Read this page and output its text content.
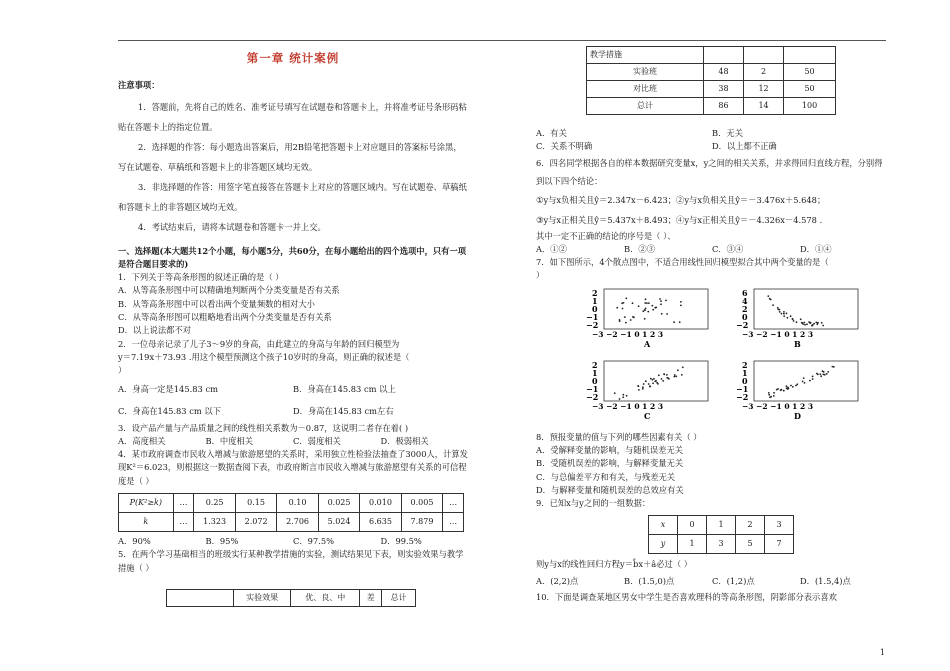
第一章 统计案例
注意事项：

1．答题前，先将自己的姓名、准考证号填写在试题卷和答题卡上，并将准考证号条形码粘贴在答题卡上的指定位置。

2．选择题的作答：每小题选出答案后，用2B铅笔把答题卡上对应题目的答案标号涂黑，写在试题卷、草稿纸和答题卡上的非答题区域均无效。

3．非选择题的作答：用签字笔直接答在答题卡上对应的答题区域内。写在试题卷、草稿纸和答题卡上的非答题区域均无效。

4．考试结束后，请将本试题卷和答题卡一并上交。

一、选择题(本大题共12个小题，每小题5分，共60分，在每小题给出的四个选项中，只有一项是符合题目要求的)

1．下列关于等高条形图的叙述正确的是（ ）

A．从等高条形图中可以精确地判断两个分类变量是否有关系

B．从等高条形图中可以看出两个变量频数的相对大小

C．从等高条形图可以粗略地看出两个分类变量是否有关系

D．以上说法都不对

2．一位母亲记录了儿子3～9岁的身高，由此建立的身高与年龄的回归模型为

y＝7.19x＋73.93 .用这个模型预测这个孩子10岁时的身高，则正确的叙述是（

）

A．身高一定是145.83 cm	B．身高在145.83 cm 以上
C．身高在145.83 cm 以下	D．身高在145.83 cm左右

3．设产品产量与产品质量之间的线性相关系数为－0.87，这说明二者存在着( )

A．高度相关	B．中度相关	C．弱度相关	D．极弱相关

4．某市政府调查市民收入增减与旅游愿望的关系时，采用独立性检验法抽查了3000人，计算发现K²＝6.023，则根据这一数据查阅下表，市政府断言市民收入增减与旅游愿望有关系的可信程度是（ ）

P(K²≥k)	…	0.25	0.15	0.10	0.025	0.010	0.005	…
k	…	1.323	2.072	2.706	5.024	6.635	7.879	…
A．90%	B．95%	C．97.5%	D．99.5%

5．在两个学习基础相当的班级实行某种教学措施的实验，测试结果见下表，则实验效果与教学措施（ ）

	实验效果	优、良、中	差	总计
教学措施			
实验班	48	2	50
对比班	38	12	50
总计	86	14	100
A．有关	B．无关
C．关系不明确	D．以上都不正确

6．四名同学根据各自的样本数据研究变量x，y之间的相关关系，并求得回归直线方程，分别得到以下四个结论：

①y与x负相关且ŷ＝2.347x－6.423；②y与x负相关且ŷ＝－3.476x＋5.648；

③y与x正相关且ŷ＝5.437x＋8.493；④y与x正相关且ŷ＝－4.326x－4.578 .

其中一定不正确的结论的序号是（ ）、

A．①②	B．②③	C．③④	D．①④

7．如下图所示，4个散点图中，不适合用线性回归模型拟合其中两个变量的是（

）

2
1
0
−1
−2
−3 −2 −1 0 1 2 3
A
6
4
2
0
−2
−3 −2 −1 0 1 2 3
B
2
1
0
−1
−2
−3 −2 −1 0 1 2 3
C
2
1
0
−1
−2
−3 −2 −1 0 1 2 3
D

8．预报变量的值与下列的哪些因素有关（ ）

A．受解释变量的影响，与随机误差无关

B．受随机误差的影响，与解释变量无关

C．与总偏差平方和有关，与残差无关

D．与解释变量和随机误差的总效应有关

9．已知x与y之间的一组数据：

x	0	1	2	3
y	1	3	5	7

则y与x的线性回归方程y＝b̂x＋â必过（ ）

A．(2,2)点	B．(1.5,0)点	C．(1,2)点	D．(1.5,4)点

10．下面是调查某地区男女中学生是否喜欢理科的等高条形图，阴影部分表示喜欢

1
